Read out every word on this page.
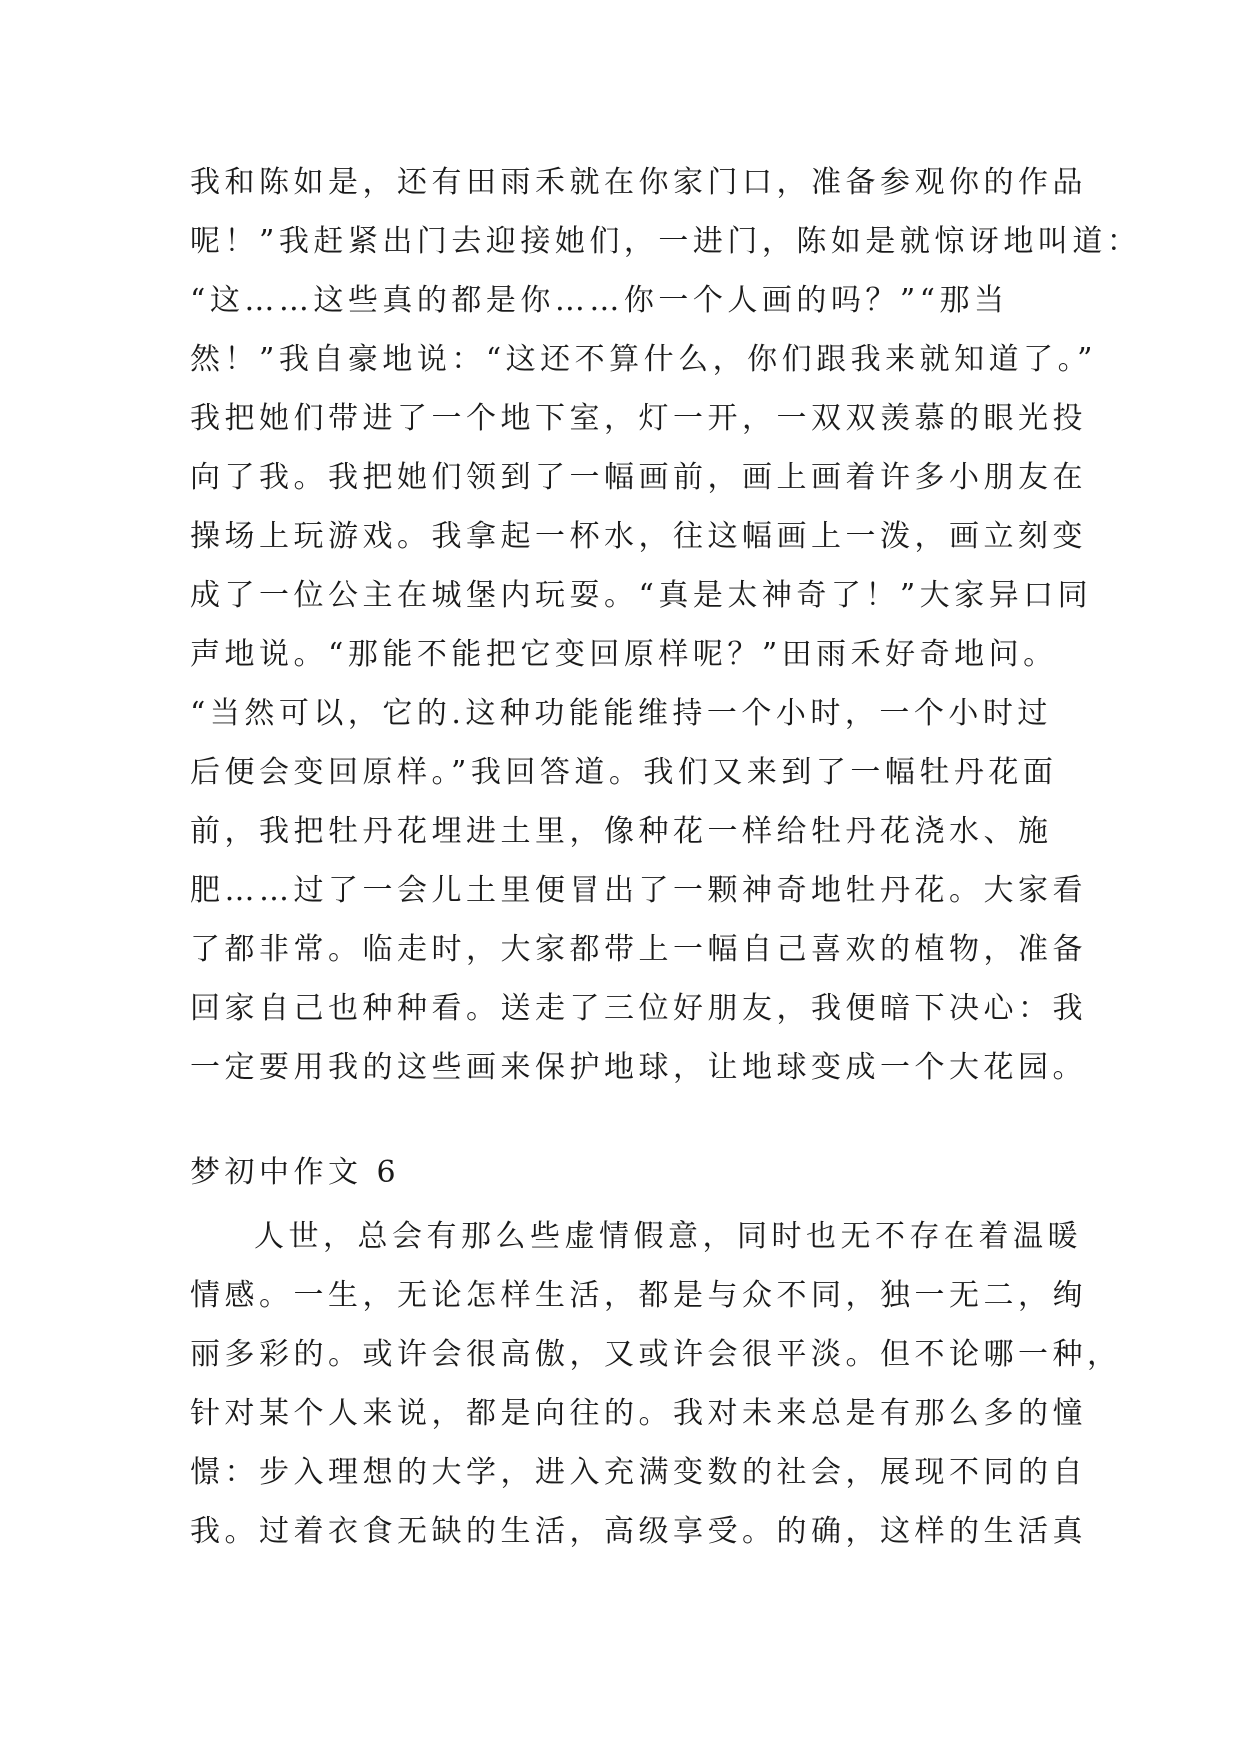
我和陈如是，还有田雨禾就在你家门口，准备参观你的作品
呢！”我赶紧出门去迎接她们，一进门，陈如是就惊讶地叫道：
“这……这些真的都是你……你一个人画的吗？”“那当
然！”我自豪地说：“这还不算什么，你们跟我来就知道了。”
我把她们带进了一个地下室，灯一开，一双双羡慕的眼光投
向了我。我把她们领到了一幅画前，画上画着许多小朋友在
操场上玩游戏。我拿起一杯水，往这幅画上一泼，画立刻变
成了一位公主在城堡内玩耍。“真是太神奇了！”大家异口同
声地说。“那能不能把它变回原样呢？”田雨禾好奇地问。
“当然可以，它的.这种功能能维持一个小时，一个小时过
后便会变回原样。”我回答道。我们又来到了一幅牡丹花面
前，我把牡丹花埋进土里，像种花一样给牡丹花浇水、施
肥……过了一会儿土里便冒出了一颗神奇地牡丹花。大家看
了都非常。临走时，大家都带上一幅自己喜欢的植物，准备
回家自己也种种看。送走了三位好朋友，我便暗下决心：我
一定要用我的这些画来保护地球，让地球变成一个大花园。
梦初中作文 6
人世，总会有那么些虚情假意，同时也无不存在着温暖
情感。一生，无论怎样生活，都是与众不同，独一无二，绚
丽多彩的。或许会很高傲，又或许会很平淡。但不论哪一种，
针对某个人来说，都是向往的。我对未来总是有那么多的憧
憬：步入理想的大学，进入充满变数的社会，展现不同的自
我。过着衣食无缺的生活，高级享受。的确，这样的生活真
